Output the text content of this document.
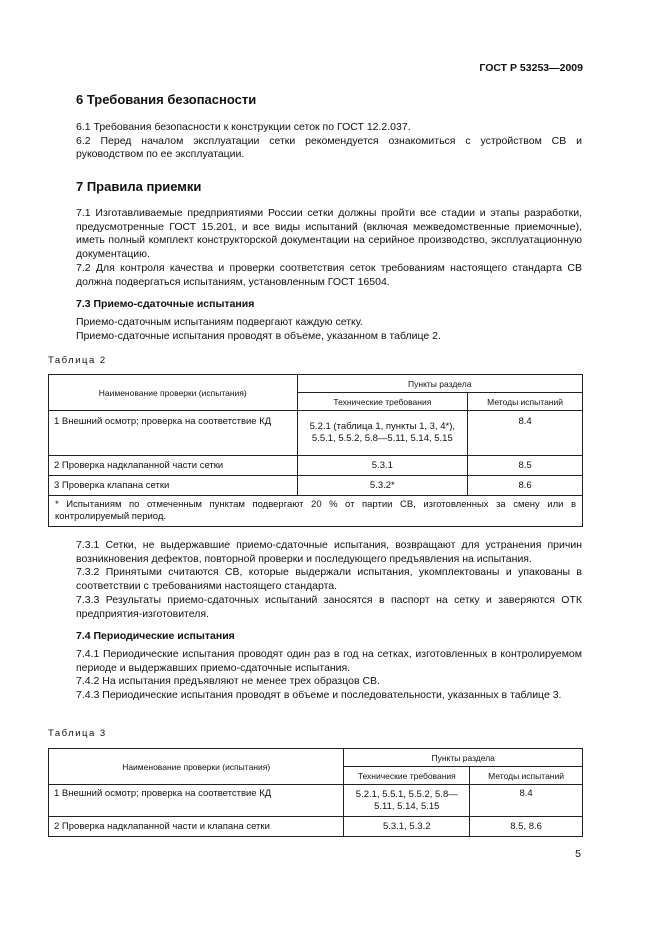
ГОСТ Р 53253—2009
6 Требования безопасности

6.1 Требования безопасности к конструкции сеток по ГОСТ 12.2.037.

6.2 Перед началом эксплуатации сетки рекомендуется ознакомиться с устройством СВ и руководством по ее эксплуатации.

7 Правила приемки

7.1 Изготавливаемые предприятиями России сетки должны пройти все стадии и этапы разработки, предусмотренные ГОСТ 15.201, и все виды испытаний (включая межведомственные приемочные), иметь полный комплект конструкторской документации на серийное производство, эксплуатационную документацию.

7.2 Для контроля качества и проверки соответствия сеток требованиям настоящего стандарта СВ должна подвергаться испытаниям, установленным ГОСТ 16504.

7.3 Приемо-сдаточные испытания

Приемо-сдаточным испытаниям подвергают каждую сетку.

Приемо-сдаточные испытания проводят в объеме, указанном в таблице 2.

Таблица 2
Наименование проверки (испытания)	Пункты раздела	
	Технические требования	Методы испытаний
1 Внешний осмотр; проверка на соответствие КД	5.2.1 (таблица 1, пункты 1, 3, 4*), 5.5.1, 5.5.2, 5.8—5.11, 5.14, 5.15	8.4
2 Проверка надклапанной части сетки	5.3.1	8.5
3 Проверка клапана сетки	5.3.2*	8.6
* Испытаниям по отмеченным пунктам подвергают 20 % от партии СВ, изготовленных за смену или в контролируемый период.		

7.3.1 Сетки, не выдержавшие приемо-сдаточные испытания, возвращают для устранения причин возникновения дефектов, повторной проверки и последующего предъявления на испытания.

7.3.2 Принятыми считаются СВ, которые выдержали испытания, укомплектованы и упакованы в соответствии с требованиями настоящего стандарта.

7.3.3 Результаты приемо-сдаточных испытаний заносятся в паспорт на сетку и заверяются ОТК предприятия-изготовителя.

7.4 Периодические испытания

7.4.1 Периодические испытания проводят один раз в год на сетках, изготовленных в контролируемом периоде и выдержавших приемо-сдаточные испытания.

7.4.2 На испытания предъявляют не менее трех образцов СВ.

7.4.3 Периодические испытания проводят в объеме и последовательности, указанных в таблице 3.

Таблица 3
Наименование проверки (испытания)	Пункты раздела	
	Технические требования	Методы испытаний
1 Внешний осмотр; проверка на соответствие КД	5.2.1, 5.5.1, 5.5.2, 5.8—5.11, 5.14, 5.15	8.4
2 Проверка надклапанной части и клапана сетки	5.3.1, 5.3.2	8.5, 8.6
5
